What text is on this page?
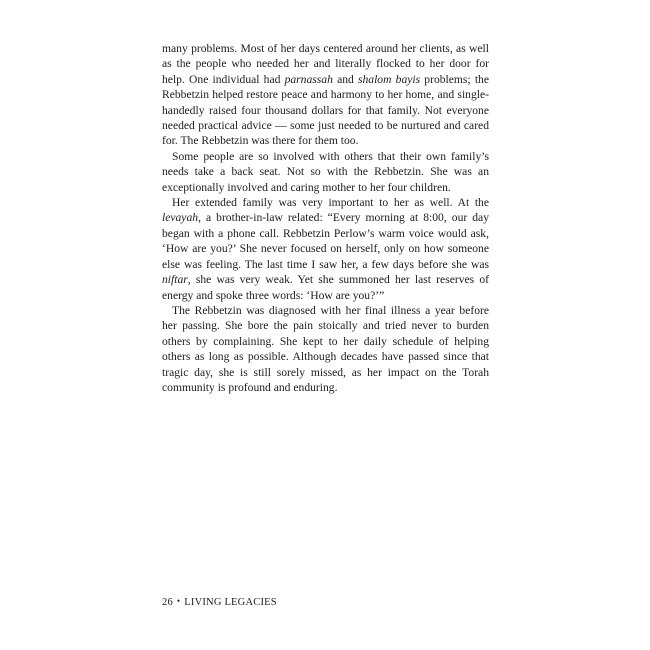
many problems. Most of her days centered around her clients, as well as the people who needed her and literally flocked to her door for help. One individual had parnassah and shalom bayis problems; the Rebbetzin helped restore peace and harmony to her home, and single-handedly raised four thousand dollars for that family. Not everyone needed practical advice — some just needed to be nurtured and cared for. The Rebbetzin was there for them too.

Some people are so involved with others that their own family’s needs take a back seat. Not so with the Rebbetzin. She was an exceptionally involved and caring mother to her four children.

Her extended family was very important to her as well. At the levayah, a brother-in-law related: “Every morning at 8:00, our day began with a phone call. Rebbetzin Perlow’s warm voice would ask, ‘How are you?’ She never focused on herself, only on how someone else was feeling. The last time I saw her, a few days before she was niftar, she was very weak. Yet she summoned her last reserves of energy and spoke three words: ‘How are you?’”

The Rebbetzin was diagnosed with her final illness a year before her passing. She bore the pain stoically and tried never to burden others by complaining. She kept to her daily schedule of helping others as long as possible. Although decades have passed since that tragic day, she is still sorely missed, as her impact on the Torah community is profound and enduring.

26 • LIVING LEGACIES
